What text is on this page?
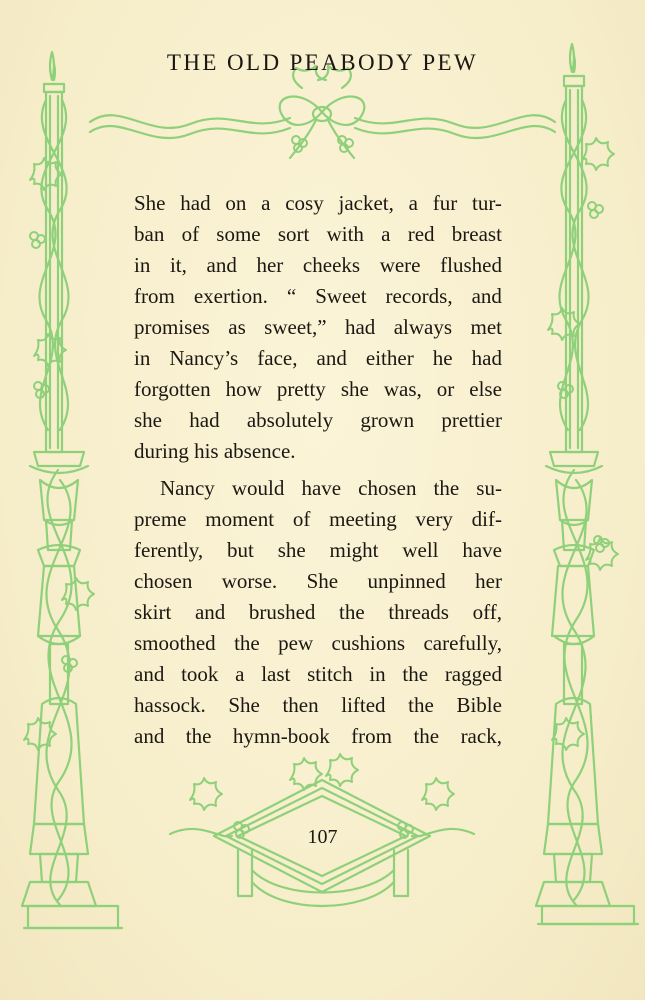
THE OLD PEABODY PEW

She had on a cosy jacket, a fur tur-
ban of some sort with a red breast
in it, and her cheeks were flushed
from exertion. “ Sweet records, and
promises as sweet,” had always met
in Nancy’s face, and either he had
forgotten how pretty she was, or else
she had absolutely grown prettier
during his absence.

Nancy would have chosen the su-
preme moment of meeting very dif-
ferently, but she might well have
chosen worse. She unpinned her
skirt and brushed the threads off,
smoothed the pew cushions carefully,
and took a last stitch in the ragged
hassock. She then lifted the Bible
and the hymn-book from the rack,

107
